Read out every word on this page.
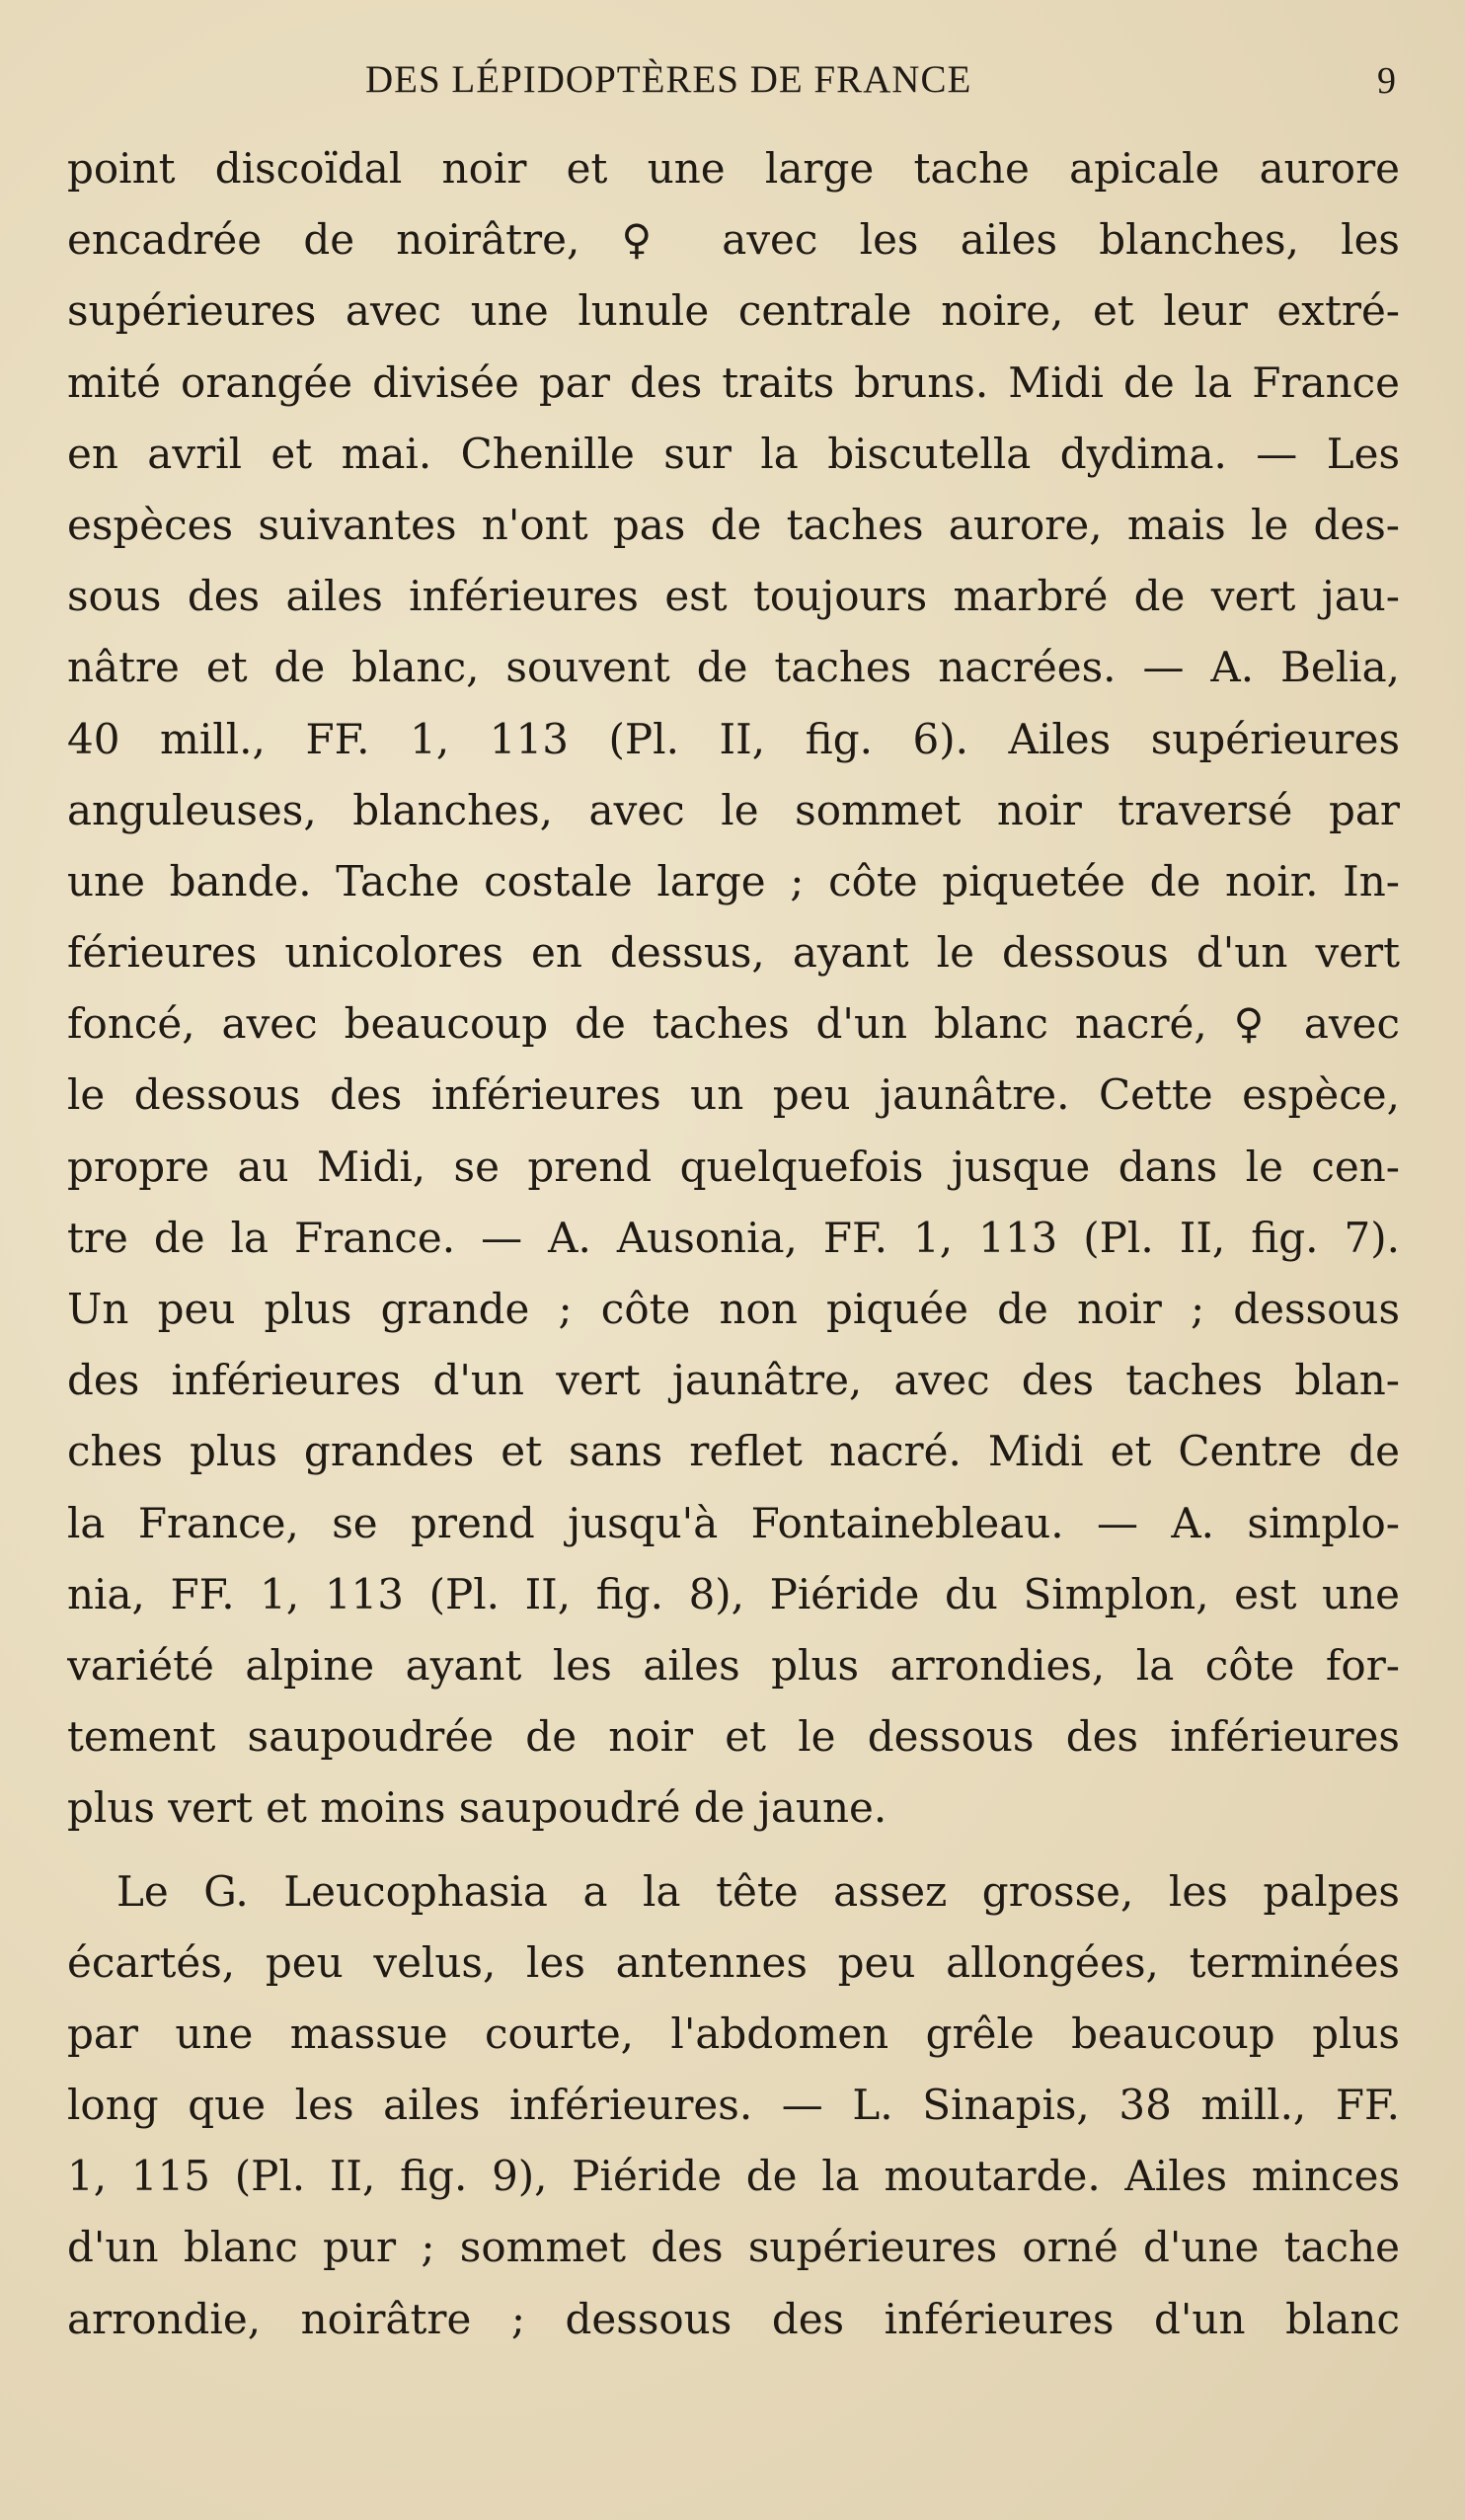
DES LÉPIDOPTÈRES DE FRANCE	9
point discoïdal noir et une large tache apicale aurore
encadrée de noirâtre, ♀ avec les ailes blanches, les
supérieures avec une lunule centrale noire, et leur extré-
mité orangée divisée par des traits bruns. Midi de la France
en avril et mai. Chenille sur la biscutella dydima. — Les
espèces suivantes n'ont pas de taches aurore, mais le des-
sous des ailes inférieures est toujours marbré de vert jau-
nâtre et de blanc, souvent de taches nacrées. — A. Belia,
40 mill., FF. 1, 113 (Pl. II, fig. 6). Ailes supérieures
anguleuses, blanches, avec le sommet noir traversé par
une bande. Tache costale large ; côte piquetée de noir. In-
férieures unicolores en dessus, ayant le dessous d'un vert
foncé, avec beaucoup de taches d'un blanc nacré, ♀ avec
le dessous des inférieures un peu jaunâtre. Cette espèce,
propre au Midi, se prend quelquefois jusque dans le cen-
tre de la France. — A. Ausonia, FF. 1, 113 (Pl. II, fig. 7).
Un peu plus grande ; côte non piquée de noir ; dessous
des inférieures d'un vert jaunâtre, avec des taches blan-
ches plus grandes et sans reflet nacré. Midi et Centre de
la France, se prend jusqu'à Fontainebleau. — A. simplo-
nia, FF. 1, 113 (Pl. II, fig. 8), Piéride du Simplon, est une
variété alpine ayant les ailes plus arrondies, la côte for-
tement saupoudrée de noir et le dessous des inférieures
plus vert et moins saupoudré de jaune.
Le G. Leucophasia a la tête assez grosse, les palpes
écartés, peu velus, les antennes peu allongées, terminées
par une massue courte, l'abdomen grêle beaucoup plus
long que les ailes inférieures. — L. Sinapis, 38 mill., FF.
1, 115 (Pl. II, fig. 9), Piéride de la moutarde. Ailes minces
d'un blanc pur ; sommet des supérieures orné d'une tache
arrondie, noirâtre ; dessous des inférieures d'un blanc
